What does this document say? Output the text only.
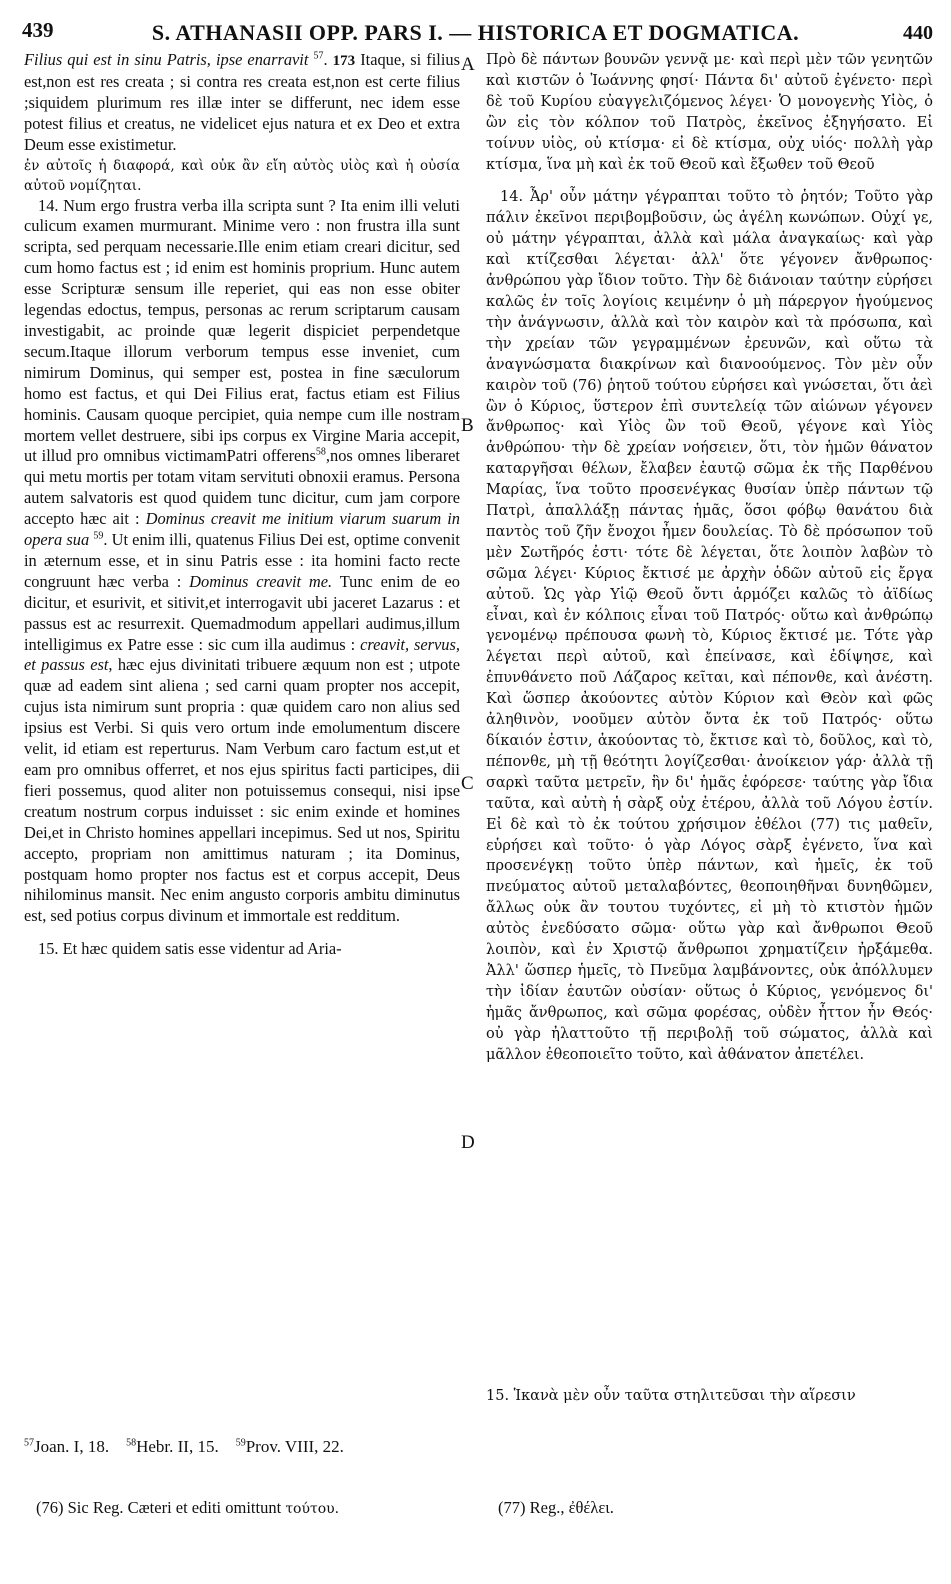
439	S. ATHANASII OPP. PARS I. — HISTORICA ET DOGMATICA.	440
A
B
C
D

Filius qui est in sinu Patris, ipse enarravit $^{57}$. 173 Itaque, si filius est,non est res creata ; si contra res creata est,non est certe filius ;siquidem plurimum res illæ inter se differunt, nec idem esse potest filius et creatus, ne videlicet ejus natura et ex Deo et extra Deum esse existimetur.

ἐν αὐτοῖς ἡ διαφορά, καὶ οὐκ ἂν εἴη αὐτὸς υἱὸς καὶ ἡ οὐσία αὐτοῦ νομίζηται.

14. Num ergo frustra verba illa scripta sunt ? Ita enim illi veluti culicum examen murmurant. Minime vero : non frustra illa sunt scripta, sed perquam necessarie.Ille enim etiam creari dicitur, sed cum homo factus est ; id enim est hominis proprium. Hunc autem esse Scripturæ sensum ille reperiet, qui eas non esse obiter legendas edoctus, tempus, personas ac rerum scriptarum causam investigabit, ac proinde quæ legerit dispiciet perpendetque secum.Itaque illorum verborum tempus esse inveniet, cum nimirum Dominus, qui semper est, postea in fine sæculorum homo est factus, et qui Dei Filius erat, factus etiam est Filius hominis. Causam quoque percipiet, quia nempe cum ille nostram mortem vellet destruere, sibi ips corpus ex Virgine Maria accepit, ut illud pro omnibus victimamPatri offerens$^{58}$,nos omnes liberaret qui metu mortis per totam vitam servituti obnoxii eramus. Persona autem salvatoris est quod quidem tunc dicitur, cum jam corpore accepto hæc ait : Dominus creavit me initium viarum suarum in opera sua $^{59}$. Ut enim illi, quatenus Filius Dei est, optime convenit in æternum esse, et in sinu Patris esse : ita homini facto recte congruunt hæc verba : Dominus creavit me. Tunc enim de eo dicitur, et esurivit, et sitivit,et interrogavit ubi jaceret Lazarus : et passus est ac resurrexit. Quemadmodum appellari audimus,illum intelligimus ex Patre esse : sic cum illa audimus : creavit, servus, et passus est, hæc ejus divinitati tribuere æquum non est ; utpote quæ ad eadem sint aliena ; sed carni quam propter nos accepit, cujus ista nimirum sunt propria : quæ quidem caro non alius sed ipsius est Verbi. Si quis vero ortum inde emolumentum discere velit, id etiam est reperturus. Nam Verbum caro factum est,ut et eam pro omnibus offerret, et nos ejus spiritus facti participes, dii fieri possemus, quod aliter non potuissemus consequi, nisi ipse creatum nostrum corpus induisset : sic enim exinde et homines Dei,et in Christo homines appellari incepimus. Sed ut nos, Spiritu accepto, propriam non amittimus naturam ; ita Dominus, postquam homo propter nos factus est et corpus accepit, Deus nihilominus mansit. Nec enim angusto corporis ambitu diminutus est, sed potius corpus divinum et immortale est redditum.

15. Et hæc quidem satis esse videntur ad Aria-

Πρὸ δὲ πάντων βουνῶν γεννᾷ με· καὶ περὶ μὲν τῶν γενητῶν καὶ κιστῶν ὁ Ἰωάννης φησί· Πάντα δι' αὐτοῦ ἐγένετο· περὶ δὲ τοῦ Κυρίου εὐαγγελιζόμενος λέγει· Ὁ μονογενὴς Υἱὸς, ὁ ὢν εἰς τὸν κόλπον τοῦ Πατρὸς, ἐκεῖνος ἐξηγήσατο. Εἰ τοίνυν υἱὸς, οὐ κτίσμα· εἰ δὲ κτίσμα, οὐχ υἱός· πολλὴ γὰρ κτίσμα, ἵνα μὴ καὶ ἐκ τοῦ Θεοῦ καὶ ἔξωθεν τοῦ Θεοῦ

14. Ἆρ' οὖν μάτην γέγραπται τοῦτο τὸ ῥητόν; Τοῦτο γὰρ πάλιν ἐκεῖνοι περιβομβοῦσιν, ὡς ἀγέλη κωνώπων. Οὐχί γε, οὐ μάτην γέγραπται, ἀλλὰ καὶ μάλα ἀναγκαίως· καὶ γὰρ καὶ κτίζεσθαι λέγεται· ἀλλ' ὅτε γέγονεν ἄνθρωπος· ἀνθρώπου γὰρ ἴδιον τοῦτο. Τὴν δὲ διάνοιαν ταύτην εὑρήσει καλῶς ἐν τοῖς λογίοις κειμένην ὁ μὴ πάρεργον ἡγούμενος τὴν ἀνάγνωσιν, ἀλλὰ καὶ τὸν καιρὸν καὶ τὰ πρόσωπα, καὶ τὴν χρείαν τῶν γεγραμμένων ἐρευνῶν, καὶ οὕτω τὰ ἀναγνώσματα διακρίνων καὶ διανοούμενος. Τὸν μὲν οὖν καιρὸν τοῦ (76) ῥητοῦ τούτου εὑρήσει καὶ γνώσεται, ὅτι ἀεὶ ὢν ὁ Κύριος, ὕστερον ἐπὶ συντελείᾳ τῶν αἰώνων γέγονεν ἄνθρωπος· καὶ Υἱὸς ὢν τοῦ Θεοῦ, γέγονε καὶ Υἱὸς ἀνθρώπου· τὴν δὲ χρείαν νοήσειεν, ὅτι, τὸν ἡμῶν θάνατον καταργῆσαι θέλων, ἔλαβεν ἑαυτῷ σῶμα ἐκ τῆς Παρθένου Μαρίας, ἵνα τοῦτο προσενέγκας θυσίαν ὑπὲρ πάντων τῷ Πατρὶ, ἀπαλλάξῃ πάντας ἡμᾶς, ὅσοι φόβῳ θανάτου διὰ παντὸς τοῦ ζῆν ἔνοχοι ἦμεν δουλείας. Τὸ δὲ πρόσωπον τοῦ μὲν Σωτῆρός ἐστι· τότε δὲ λέγεται, ὅτε λοιπὸν λαβὼν τὸ σῶμα λέγει· Κύριος ἔκτισέ με ἀρχὴν ὁδῶν αὐτοῦ εἰς ἔργα αὐτοῦ. Ὡς γὰρ Υἱῷ Θεοῦ ὄντι ἁρμόζει καλῶς τὸ ἀϊδίως εἶναι, καὶ ἐν κόλποις εἶναι τοῦ Πατρός· οὕτω καὶ ἀνθρώπῳ γενομένῳ πρέπουσα φωνὴ τὸ, Κύριος ἔκτισέ με. Τότε γὰρ λέγεται περὶ αὐτοῦ, καὶ ἐπείνασε, καὶ ἐδίψησε, καὶ ἐπυνθάνετο ποῦ Λάζαρος κεῖται, καὶ πέπονθε, καὶ ἀνέστη. Καὶ ὥσπερ ἀκούοντες αὐτὸν Κύριον καὶ Θεὸν καὶ φῶς ἀληθινὸν, νοοῦμεν αὐτὸν ὄντα ἐκ τοῦ Πατρός· οὕτω δίκαιόν ἐστιν, ἀκούοντας τὸ, ἔκτισε καὶ τὸ, δοῦλος, καὶ τὸ, πέπονθε, μὴ τῇ θεότητι λογίζεσθαι· ἀνοίκειον γάρ· ἀλλὰ τῇ σαρκὶ ταῦτα μετρεῖν, ἣν δι' ἡμᾶς ἐφόρεσε· ταύτης γὰρ ἴδια ταῦτα, καὶ αὐτὴ ἡ σὰρξ οὐχ ἑτέρου, ἀλλὰ τοῦ Λόγου ἐστίν. Εἰ δὲ καὶ τὸ ἐκ τούτου χρήσιμον ἐθέλοι (77) τις μαθεῖν, εὑρήσει καὶ τοῦτο· ὁ γὰρ Λόγος σὰρξ ἐγένετο, ἵνα καὶ προσενέγκῃ τοῦτο ὑπὲρ πάντων, καὶ ἡμεῖς, ἐκ τοῦ πνεύματος αὐτοῦ μεταλαβόντες, θεοποιηθῆναι δυνηθῶμεν, ἄλλως οὐκ ἂν τουτου τυχόντες, εἰ μὴ τὸ κτιστὸν ἡμῶν αὐτὸς ἐνεδύσατο σῶμα· οὕτω γὰρ καὶ ἄνθρωποι Θεοῦ λοιπὸν, καὶ ἐν Χριστῷ ἄνθρωποι χρηματίζειν ἠρξάμεθα. Ἀλλ' ὥσπερ ἡμεῖς, τὸ Πνεῦμα λαμβάνοντες, οὐκ ἀπόλλυμεν τὴν ἰδίαν ἑαυτῶν οὐσίαν· οὕτως ὁ Κύριος, γενόμενος δι' ἡμᾶς ἄνθρωπος, καὶ σῶμα φορέσας, οὐδὲν ἧττον ἦν Θεός· οὐ γὰρ ἠλαττοῦτο τῇ περιβολῇ τοῦ σώματος, ἀλλὰ καὶ μᾶλλον ἐθεοποιεῖτο τοῦτο, καὶ ἀθάνατον ἀπετέλει.

15. Ἱκανὰ μὲν οὖν ταῦτα στηλιτεῦσαι τὴν αἵρεσιν
$^{57}$Joan. I, 18. $^{58}$Hebr. II, 15. $^{59}$Prov. VIII, 22.
(76) Sic Reg. Cæteri et editi omittunt τούτου.	(77) Reg., ἐθέλει.
